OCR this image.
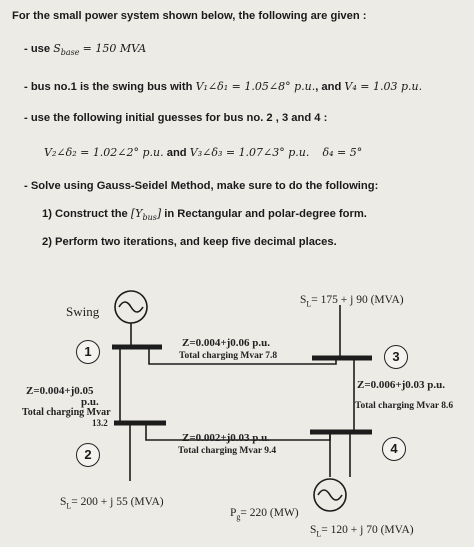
For the small power system shown below, the following are given :
- use $S_{base} = 150$ MVA
- bus no.1 is the swing bus with V₁∠δ₁ = 1.05∠8° p.u., and V₄ = 1.03 p.u.
- use the following initial guesses for bus no. 2 , 3 and 4 :
V₂∠δ₂ = 1.02∠2° p.u. and V₃∠δ₃ = 1.07∠3° p.u. δ₄ = 5°
- Solve using Gauss-Seidel Method, make sure to do the following:
1) Construct the $[Y_{bus}]$ in Rectangular and polar-degree form.
2) Perform two iterations, and keep five decimal places.
Swing
1	3
2	4
$S_L= 175 + j$ 90 (MVA)
Z=0.004+j0.06 p.u.
Total charging Mvar 7.8
Z=0.004+j0.05
p.u.
Total charging Mvar
13.2
Z=0.006+j0.03 p.u.
Total charging Mvar 8.6
Z=0.002+j0.03 p.u.
Total charging Mvar 9.4
$S_L= 200 + j$ 55 (MVA)
$P_g= 220$ (MW)
$S_L= 120 + j$ 70 (MVA)
